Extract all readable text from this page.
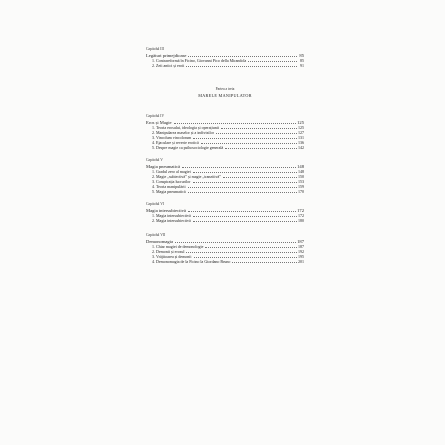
Capitolul III
Legături primejdioase	85
1. Contrareformă în Ficino, Giovanni Pico della Mirandola	85
2. Zeii antici și eroii	91
Partea a treia
MARELE MANIPULATOR
Capitolul IV
Eros și Magie	125
1. Teoria erosului, ideologia și operațiunii	125
2. Manipularea maselor și a indivizilor	127
3. Vincolum vincolorum	131
4. Ejaculare și reverie erotică	136
5. Despre magie ca psihosociologie generală	142
Capitolul V
Magia pneumatică	148
1. Gradul zero al magiei	148
2. Magie „subiectivă” și magie „tranzitivă”	150
3. Conspirația lucrurilor	153
4. Teoria manipulării	159
5. Magia pneumatică	170
Capitolul VI
Magia intersubiectivă	172
1. Magia intersubiectivă	172
2. Magia intersubiectivă	180
Capitolul VII
Demonomagia	187
1. Chiar magiei de demonologie	187
2. Demonii și erosul	192
3. Vrăjitoarea și demonii	195
4. Demonomagia de la Ficino la Giordano Bruno	201
